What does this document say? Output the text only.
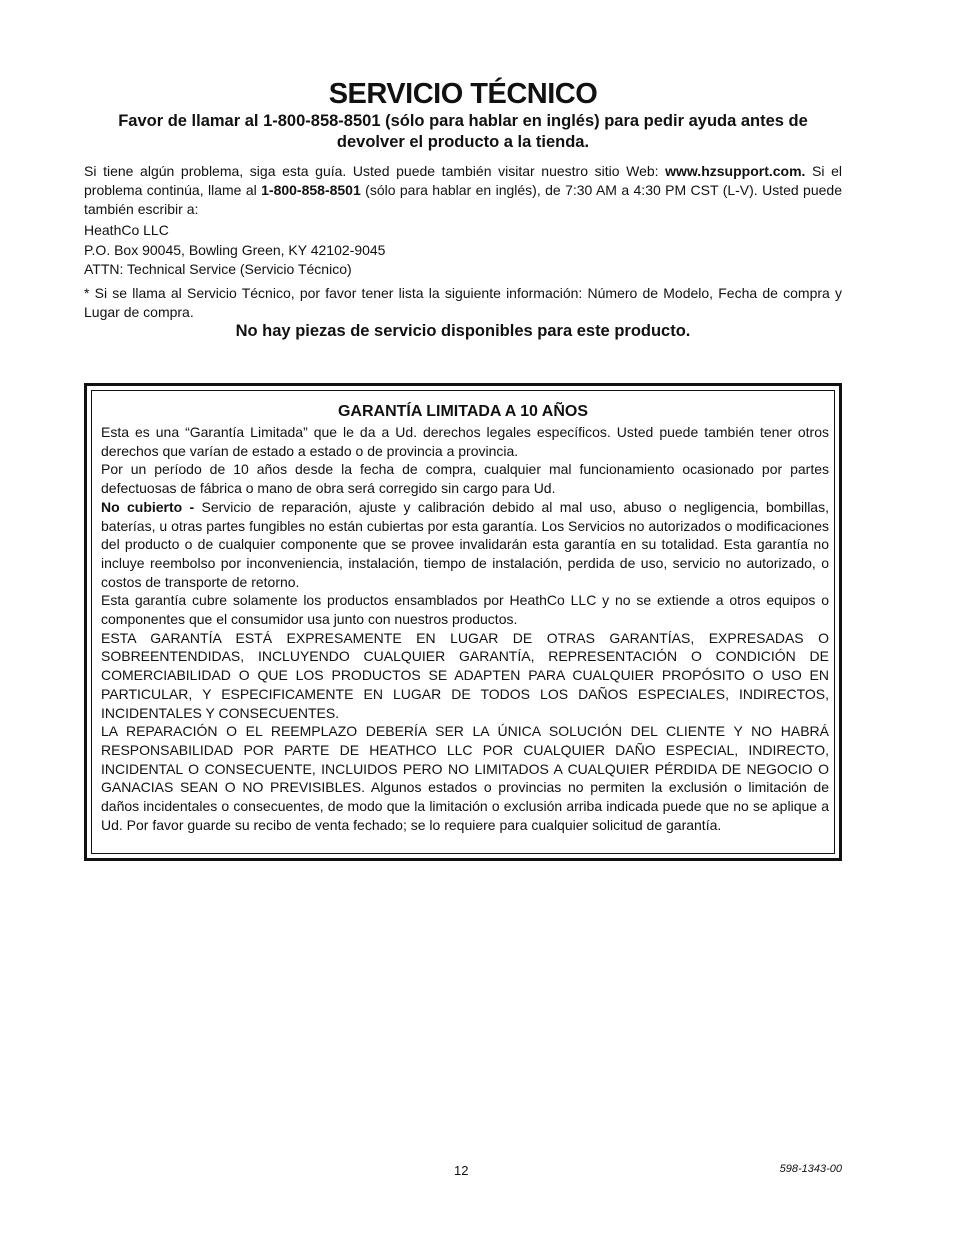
SERVICIO TÉCNICO

Favor de llamar al 1-800-858-8501 (sólo para hablar en inglés) para pedir ayuda antes de devolver el producto a la tienda.

Si tiene algún problema, siga esta guía. Usted puede también visitar nuestro sitio Web: www.hzsupport.com. Si el problema continúa, llame al 1-800-858-8501 (sólo para hablar en inglés), de 7:30 AM a 4:30 PM CST (L-V). Usted puede también escribir a:

HeathCo LLC
P.O. Box 90045, Bowling Green, KY 42102-9045
ATTN: Technical Service (Servicio Técnico)

* Si se llama al Servicio Técnico, por favor tener lista la siguiente información: Número de Modelo, Fecha de compra y Lugar de compra.

No hay piezas de servicio disponibles para este producto.

GARANTÍA LIMITADA A 10 AÑOS

Esta es una “Garantía Limitada” que le da a Ud. derechos legales específicos. Usted puede también tener otros derechos que varían de estado a estado o de provincia a provincia.

Por un período de 10 años desde la fecha de compra, cualquier mal funcionamiento ocasionado por partes defectuosas de fábrica o mano de obra será corregido sin cargo para Ud.

No cubierto - Servicio de reparación, ajuste y calibración debido al mal uso, abuso o negligencia, bombillas, baterías, u otras partes fungibles no están cubiertas por esta garantía. Los Servicios no autorizados o modificaciones del producto o de cualquier componente que se provee invalidarán esta garantía en su totalidad. Esta garantía no incluye reembolso por inconveniencia, instalación, tiempo de instalación, perdida de uso, servicio no autorizado, o costos de transporte de retorno.

Esta garantía cubre solamente los productos ensamblados por HeathCo LLC y no se extiende a otros equipos o componentes que el consumidor usa junto con nuestros productos.

ESTA GARANTÍA ESTÁ EXPRESAMENTE EN LUGAR DE OTRAS GARANTÍAS, EXPRESADAS O SOBREENTENDIDAS, INCLUYENDO CUALQUIER GARANTÍA, REPRESENTACIÓN O CONDICIÓN DE COMERCIABILIDAD O QUE LOS PRODUCTOS SE ADAPTEN PARA CUALQUIER PROPÓSITO O USO EN PARTICULAR, Y ESPECIFICAMENTE EN LUGAR DE TODOS LOS DAÑOS ESPECIALES, INDIRECTOS, INCIDENTALES Y CONSECUENTES.

LA REPARACIÓN O EL REEMPLAZO DEBERÍA SER LA ÚNICA SOLUCIÓN DEL CLIENTE Y NO HABRÁ RESPONSABILIDAD POR PARTE DE HEATHCO LLC POR CUALQUIER DAÑO ESPECIAL, INDIRECTO, INCIDENTAL O CONSECUENTE, INCLUIDOS PERO NO LIMITADOS A CUALQUIER PÉRDIDA DE NEGOCIO O GANACIAS SEAN O NO PREVISIBLES. Algunos estados o provincias no permiten la exclusión o limitación de daños incidentales o consecuentes, de modo que la limitación o exclusión arriba indicada puede que no se aplique a Ud. Por favor guarde su recibo de venta fechado; se lo requiere para cualquier solicitud de garantía.

12	598-1343-00
